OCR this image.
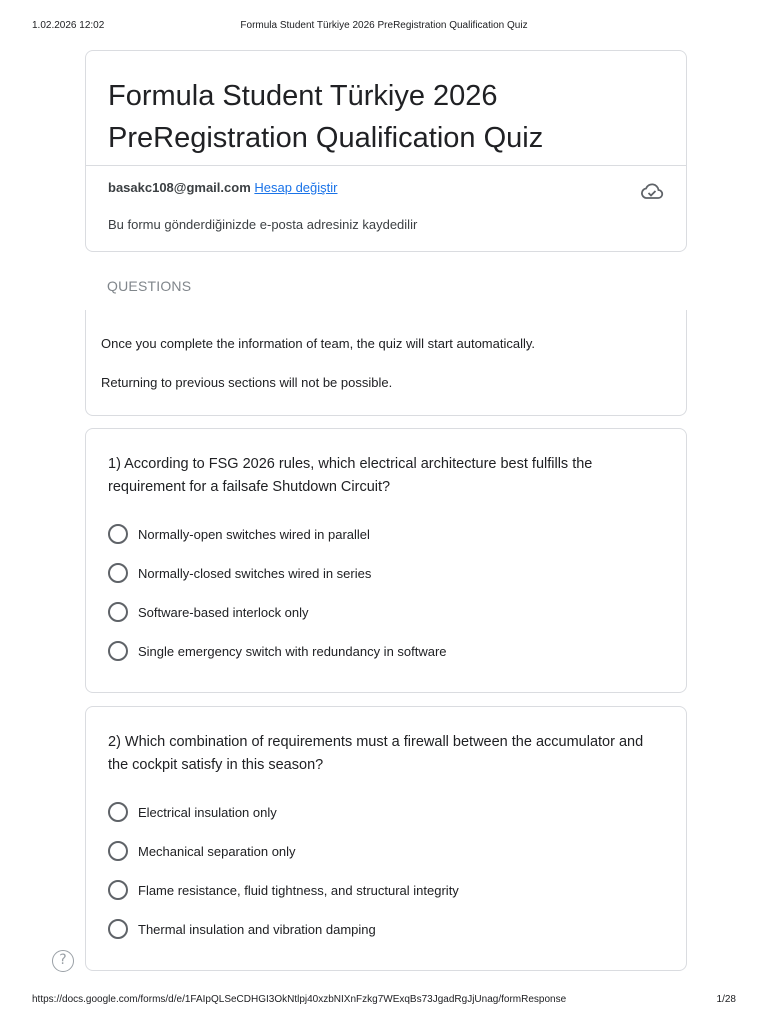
1.02.2026 12:02	Formula Student Türkiye 2026 PreRegistration Qualification Quiz
Formula Student Türkiye 2026 PreRegistration Qualification Quiz
basakc108@gmail.com Hesap değiştir
Bu formu gönderdiğinizde e-posta adresiniz kaydedilir
QUESTIONS

Once you complete the information of team, the quiz will start automatically.

Returning to previous sections will not be possible.

1) According to FSG 2026 rules, which electrical architecture best fulfills the requirement for a failsafe Shutdown Circuit?
Normally-open switches wired in parallel
Normally-closed switches wired in series
Software-based interlock only
Single emergency switch with redundancy in software
2) Which combination of requirements must a firewall between the accumulator and the cockpit satisfy in this season?
Electrical insulation only
Mechanical separation only
Flame resistance, fluid tightness, and structural integrity
Thermal insulation and vibration damping
?
https://docs.google.com/forms/d/e/1FAIpQLSeCDHGI3OkNtlpj40xzbNIXnFzkg7WExqBs73JgadRgJjUnag/formResponse	1/28
